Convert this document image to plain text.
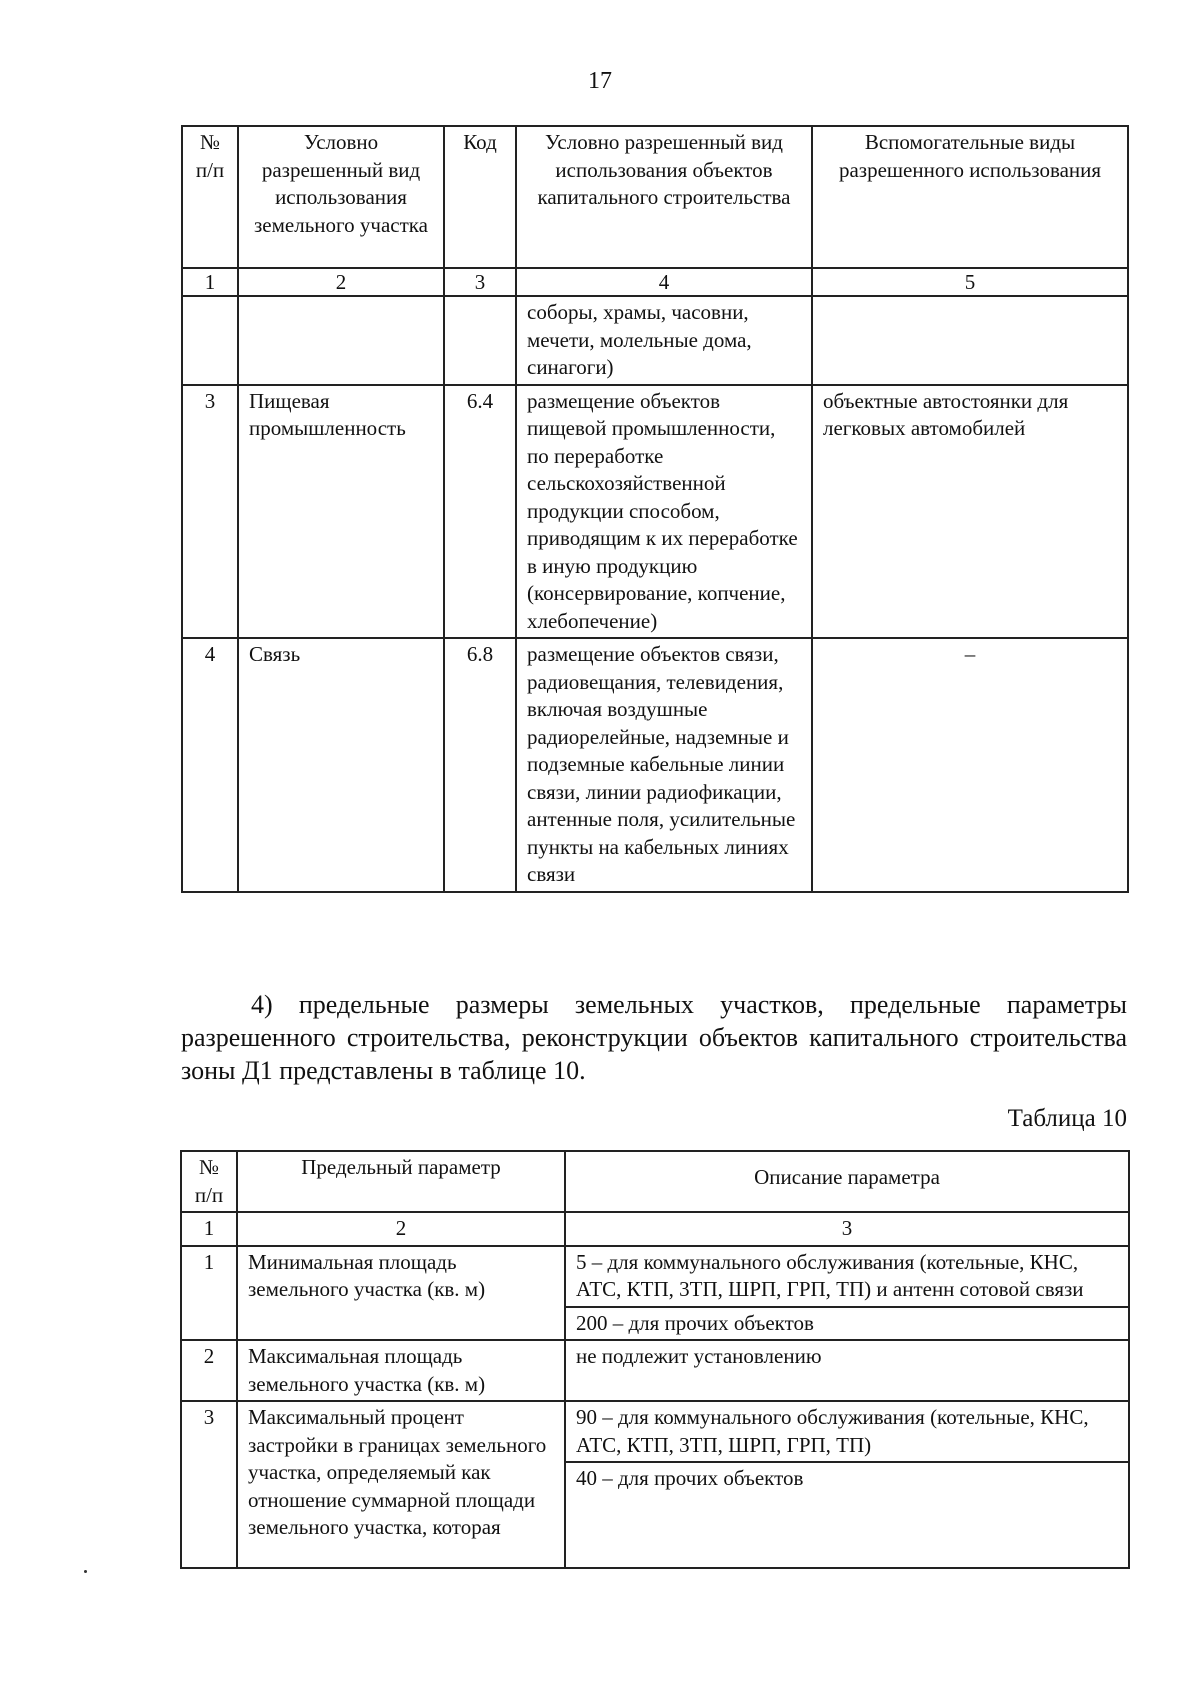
17
№ п/п	Условно разрешенный вид использования земельного участка	Код	Условно разрешенный вид использования объектов капитального строительства	Вспомогательные виды разрешенного использования
1	2	3	4	5
			соборы, храмы, часовни, мечети, молельные дома, синагоги)	
3	Пищевая промышленность	6.4	размещение объектов пищевой промышленности, по переработке сельскохозяйственной продукции способом, приводящим к их переработке в иную продукцию (консервирование, копчение, хлебопечение)	объектные автостоянки для легковых автомобилей
4	Связь	6.8	размещение объектов связи, радиовещания, телевидения, включая воздушные радиорелейные, надземные и подземные кабельные линии связи, линии радиофикации, антенные поля, усилительные пункты на кабельных линиях связи	–
4) предельные размеры земельных участков, предельные параметры разрешенного строительства, реконструкции объектов капитального строительства зоны Д1 представлены в таблице 10.
Таблица 10
№ п/п	Предельный параметр	Описание параметра
1	2	3
1	Минимальная площадь земельного участка (кв. м)	5 – для коммунального обслуживания (котельные, КНС, АТС, КТП, 3ТП, ШРП, ГРП, ТП) и антенн сотовой связи
		200 – для прочих объектов
2	Максимальная площадь земельного участка (кв. м)	не подлежит установлению
3	Максимальный процент застройки в границах земельного участка, определяемый как отношение суммарной площади земельного участка, которая	90 – для коммунального обслуживания (котельные, КНС, АТС, КТП, 3ТП, ШРП, ГРП, ТП)
		40 – для прочих объектов
